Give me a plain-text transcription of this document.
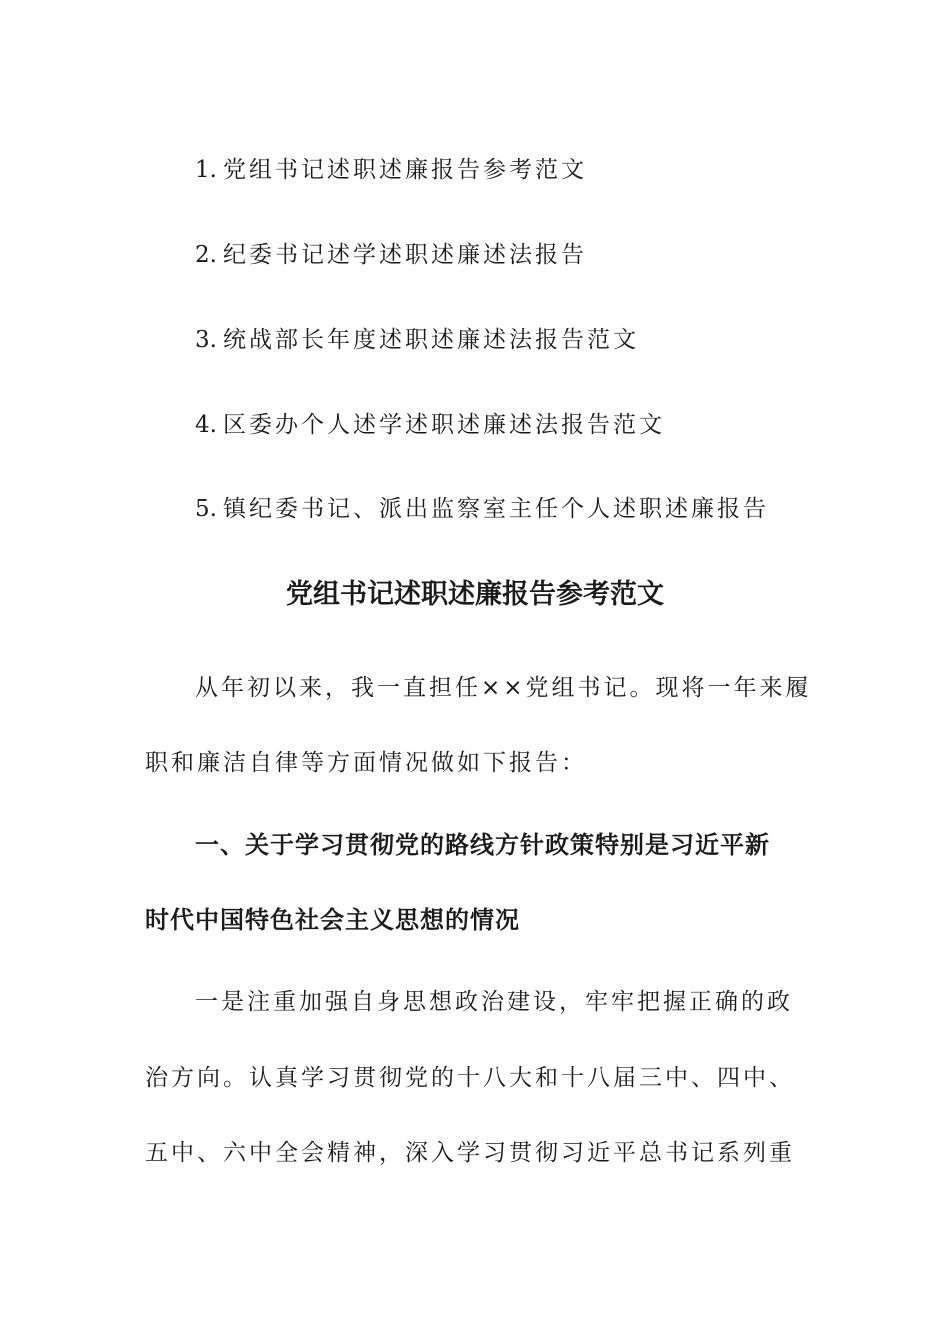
1. 党组书记述职述廉报告参考范文
2. 纪委书记述学述职述廉述法报告
3. 统战部长年度述职述廉述法报告范文
4. 区委办个人述学述职述廉述法报告范文
5. 镇纪委书记、派出监察室主任个人述职述廉报告
党组书记述职述廉报告参考范文
从年初以来，我一直担任××党组书记。现将一年来履
职和廉洁自律等方面情况做如下报告：
一、关于学习贯彻党的路线方针政策特别是习近平新
时代中国特色社会主义思想的情况
一是注重加强自身思想政治建设，牢牢把握正确的政
治方向。认真学习贯彻党的十八大和十八届三中、四中、
五中、六中全会精神，深入学习贯彻习近平总书记系列重
